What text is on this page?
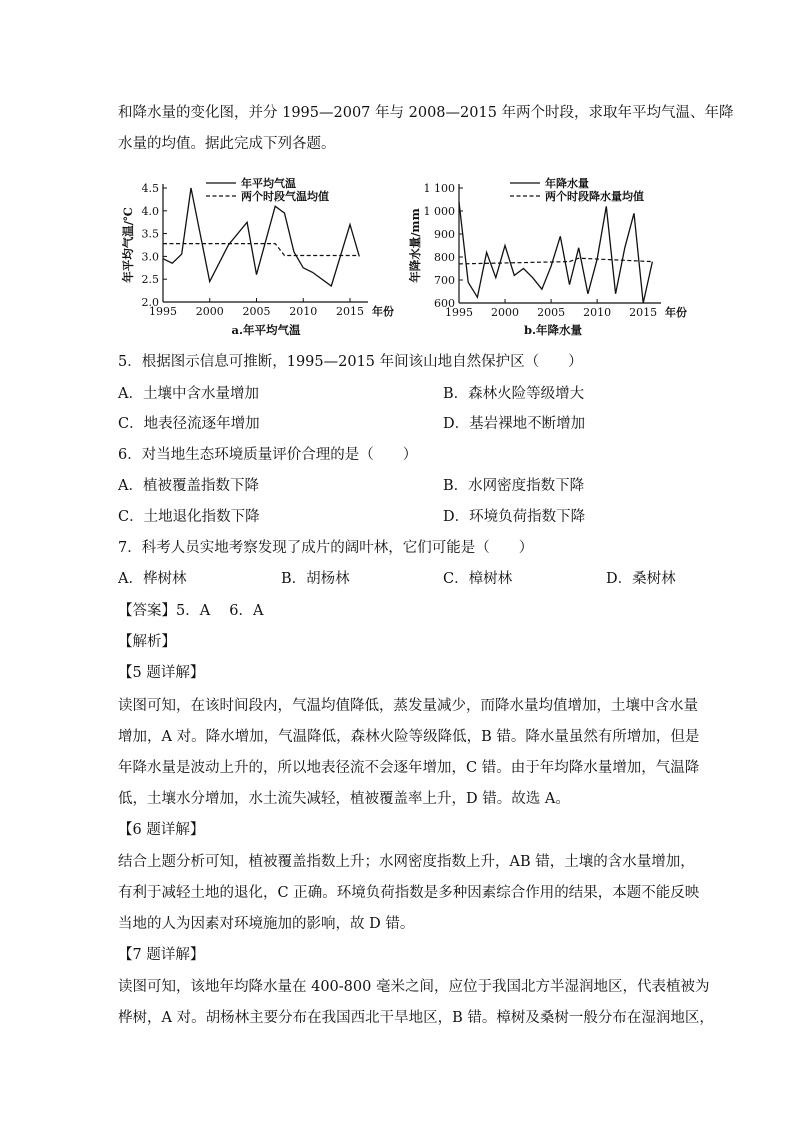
和降水量的变化图，并分 1995—2007 年与 2008—2015 年两个时段，求取年平均气温、年降
水量的均值。据此完成下列各题。
4.5
4.0
3.5
3.0
2.5
2.0
1995 2000 2005 2010 2015 年份
年平均气温/℃
年平均气温
两个时段气温均值
a.年平均气温
1 100
1 000
900
800
700
600
1995 2000 2005 2010 2015 年份
年降水量/mm
年降水量
两个时段降水量均值
b.年降水量
5．根据图示信息可推断，1995—2015 年间该山地自然保护区（　　）
A．土壤中含水量增加	B．森林火险等级增大
C．地表径流逐年增加	D．基岩裸地不断增加
6．对当地生态环境质量评价合理的是（　　）
A．植被覆盖指数下降	B．水网密度指数下降
C．土地退化指数下降	D．环境负荷指数下降
7．科考人员实地考察发现了成片的阔叶林，它们可能是（　　）
A．桦树林	B．胡杨林	C．樟树林	D．桑树林
【答案】5．A　 6．A
【解析】
【5 题详解】
读图可知，在该时间段内，气温均值降低，蒸发量减少，而降水量均值增加，土壤中含水量
增加，A 对。降水增加，气温降低，森林火险等级降低，B 错。降水量虽然有所增加，但是
年降水量是波动上升的，所以地表径流不会逐年增加，C 错。由于年均降水量增加，气温降
低，土壤水分增加，水土流失减轻，植被覆盖率上升，D 错。故选 A。
【6 题详解】
结合上题分析可知，植被覆盖指数上升；水网密度指数上升，AB 错，土壤的含水量增加，
有利于减轻土地的退化，C 正确。环境负荷指数是多种因素综合作用的结果，本题不能反映
当地的人为因素对环境施加的影响，故 D 错。
【7 题详解】
读图可知，该地年均降水量在 400-800 毫米之间，应位于我国北方半湿润地区，代表植被为
桦树，A 对。胡杨林主要分布在我国西北干旱地区，B 错。樟树及桑树一般分布在湿润地区，
